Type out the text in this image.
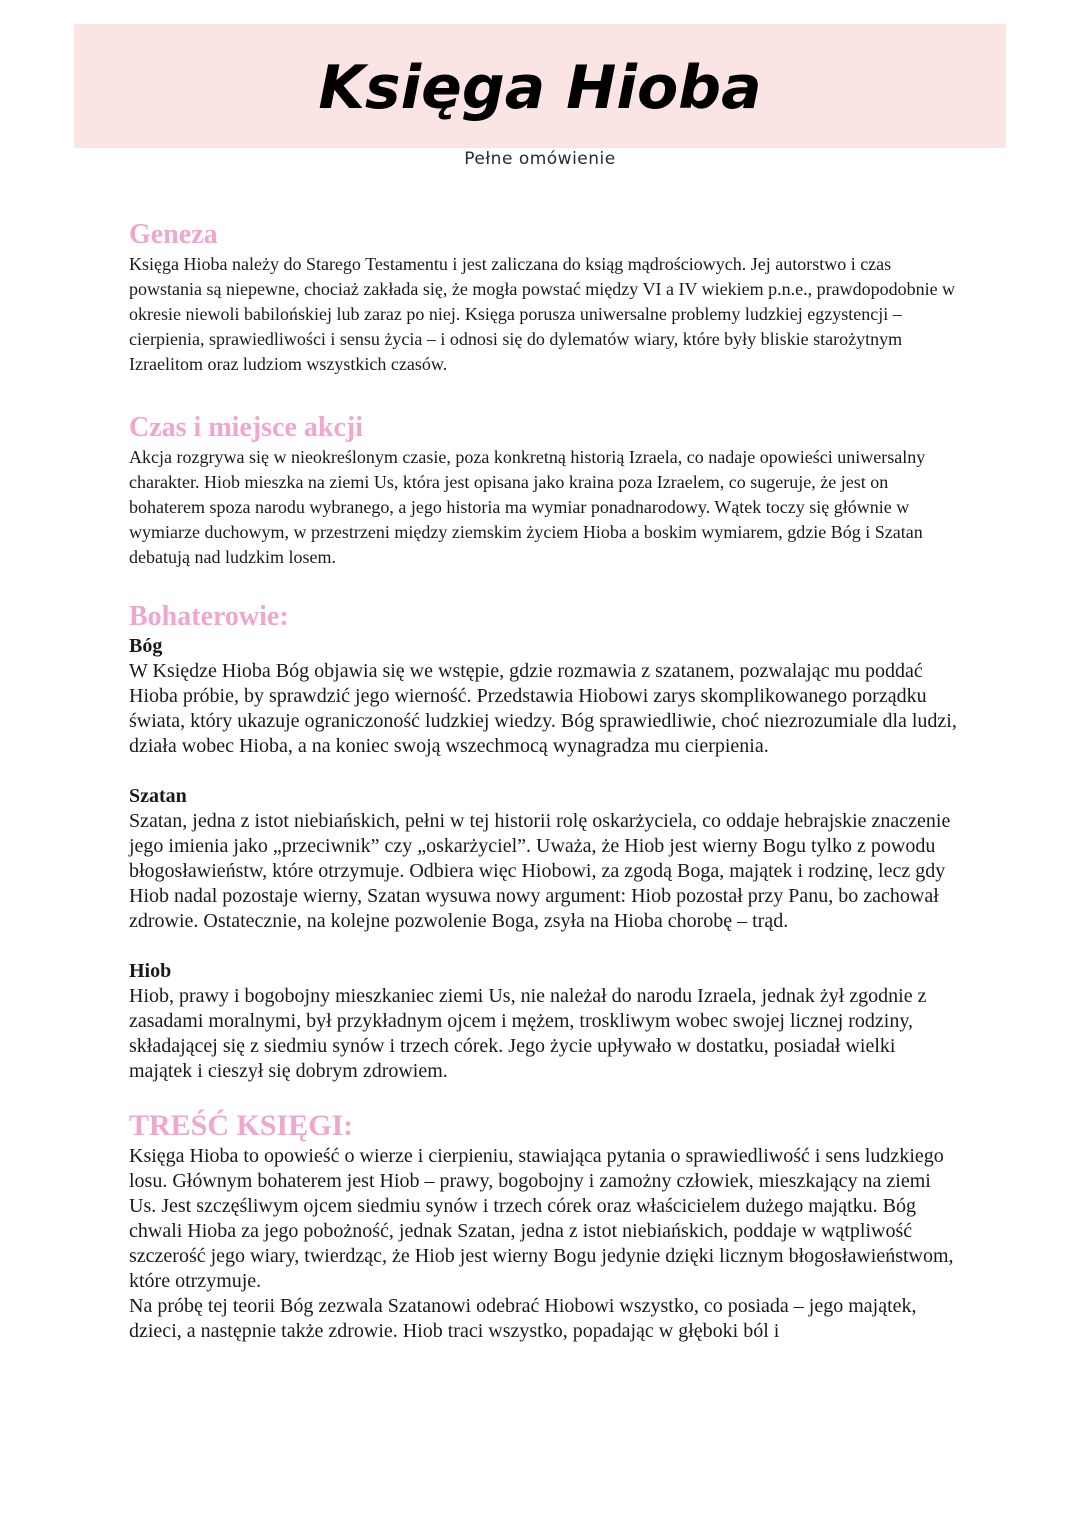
Księga Hioba
Pełne omówienie
Geneza

Księga Hioba należy do Starego Testamentu i jest zaliczana do ksiąg mądrościowych. Jej autorstwo i czas powstania są niepewne, chociaż zakłada się, że mogła powstać między VI a IV wiekiem p.n.e., prawdopodobnie w okresie niewoli babilońskiej lub zaraz po niej. Księga porusza uniwersalne problemy ludzkiej egzystencji – cierpienia, sprawiedliwości i sensu życia – i odnosi się do dylematów wiary, które były bliskie starożytnym Izraelitom oraz ludziom wszystkich czasów.

Czas i miejsce akcji

Akcja rozgrywa się w nieokreślonym czasie, poza konkretną historią Izraela, co nadaje opowieści uniwersalny charakter. Hiob mieszka na ziemi Us, która jest opisana jako kraina poza Izraelem, co sugeruje, że jest on bohaterem spoza narodu wybranego, a jego historia ma wymiar ponadnarodowy. Wątek toczy się głównie w wymiarze duchowym, w przestrzeni między ziemskim życiem Hioba a boskim wymiarem, gdzie Bóg i Szatan debatują nad ludzkim losem.

Bohaterowie:

Bóg

W Księdze Hioba Bóg objawia się we wstępie, gdzie rozmawia z szatanem, pozwalając mu poddać Hioba próbie, by sprawdzić jego wierność. Przedstawia Hiobowi zarys skomplikowanego porządku świata, który ukazuje ograniczoność ludzkiej wiedzy. Bóg sprawiedliwie, choć niezrozumiale dla ludzi, działa wobec Hioba, a na koniec swoją wszechmocą wynagradza mu cierpienia.

Szatan

Szatan, jedna z istot niebiańskich, pełni w tej historii rolę oskarżyciela, co oddaje hebrajskie znaczenie jego imienia jako „przeciwnik” czy „oskarżyciel”. Uważa, że Hiob jest wierny Bogu tylko z powodu błogosławieństw, które otrzymuje. Odbiera więc Hiobowi, za zgodą Boga, majątek i rodzinę, lecz gdy Hiob nadal pozostaje wierny, Szatan wysuwa nowy argument: Hiob pozostał przy Panu, bo zachował zdrowie. Ostatecznie, na kolejne pozwolenie Boga, zsyła na Hioba chorobę – trąd.

Hiob

Hiob, prawy i bogobojny mieszkaniec ziemi Us, nie należał do narodu Izraela, jednak żył zgodnie z zasadami moralnymi, był przykładnym ojcem i mężem, troskliwym wobec swojej licznej rodziny, składającej się z siedmiu synów i trzech córek. Jego życie upływało w dostatku, posiadał wielki majątek i cieszył się dobrym zdrowiem.

TREŚĆ KSIĘGI:

Księga Hioba to opowieść o wierze i cierpieniu, stawiająca pytania o sprawiedliwość i sens ludzkiego losu. Głównym bohaterem jest Hiob – prawy, bogobojny i zamożny człowiek, mieszkający na ziemi Us. Jest szczęśliwym ojcem siedmiu synów i trzech córek oraz właścicielem dużego majątku. Bóg chwali Hioba za jego pobożność, jednak Szatan, jedna z istot niebiańskich, poddaje w wątpliwość szczerość jego wiary, twierdząc, że Hiob jest wierny Bogu jedynie dzięki licznym błogosławieństwom, które otrzymuje.

Na próbę tej teorii Bóg zezwala Szatanowi odebrać Hiobowi wszystko, co posiada – jego majątek, dzieci, a następnie także zdrowie. Hiob traci wszystko, popadając w głęboki ból i
